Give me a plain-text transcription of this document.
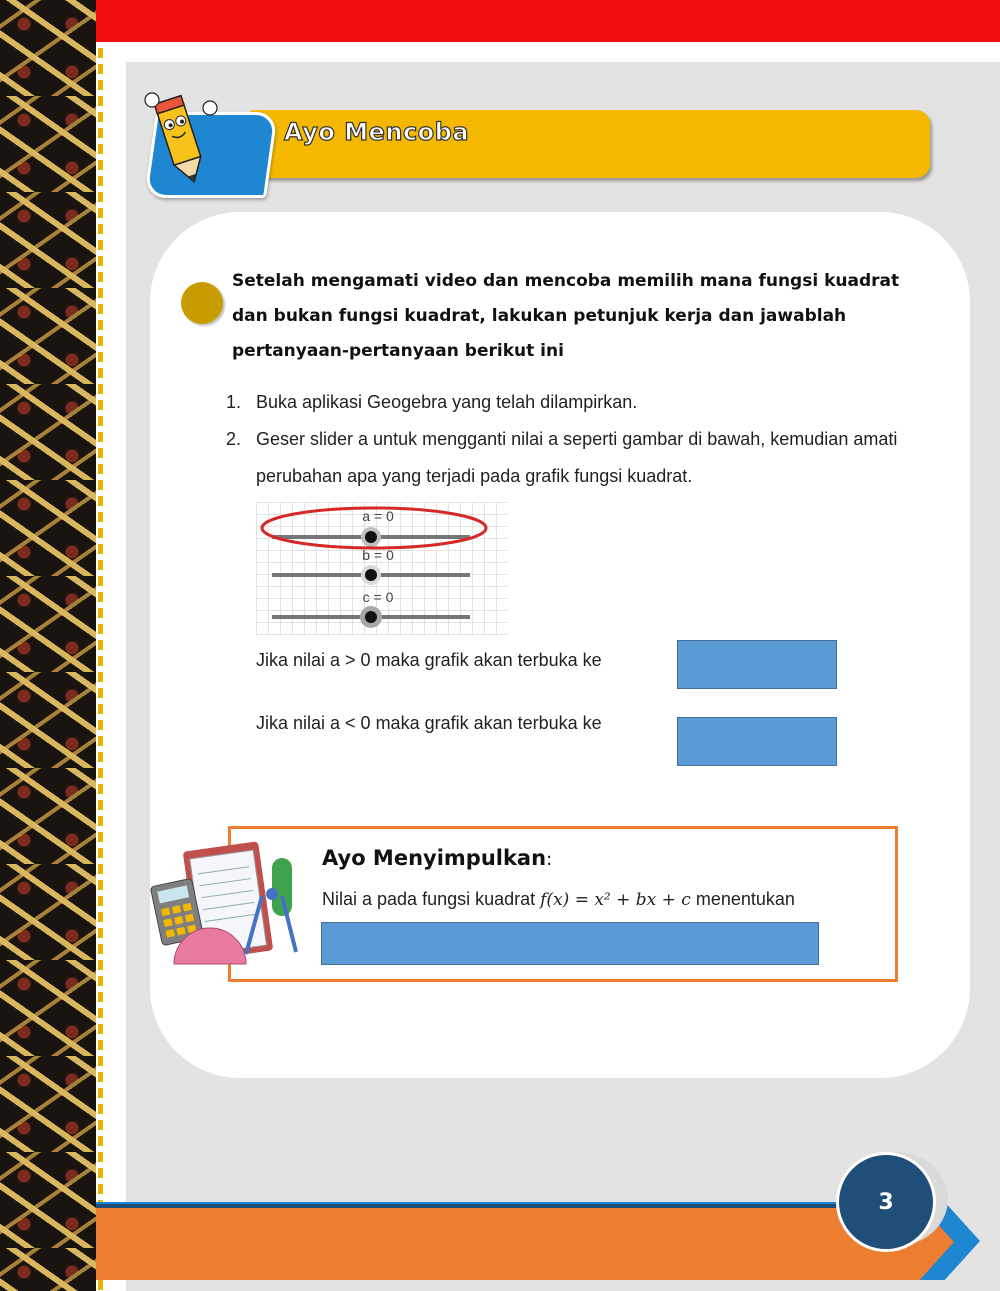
Ayo Mencoba
Setelah mengamati video dan mencoba memilih mana fungsi kuadrat dan bukan fungsi kuadrat, lakukan petunjuk kerja dan jawablah pertanyaan-pertanyaan berikut ini
1. Buka aplikasi Geogebra yang telah dilampirkan.
2. Geser slider a untuk mengganti nilai a seperti gambar di bawah, kemudian amati perubahan apa yang terjadi pada grafik fungsi kuadrat.
a = 0
b = 0
c = 0
Jika nilai a > 0 maka grafik akan terbuka ke
Jika nilai a < 0 maka grafik akan terbuka ke
Ayo Menyimpulkan:
Nilai a pada fungsi kuadrat f(x) = x² + bx + c menentukan
3
